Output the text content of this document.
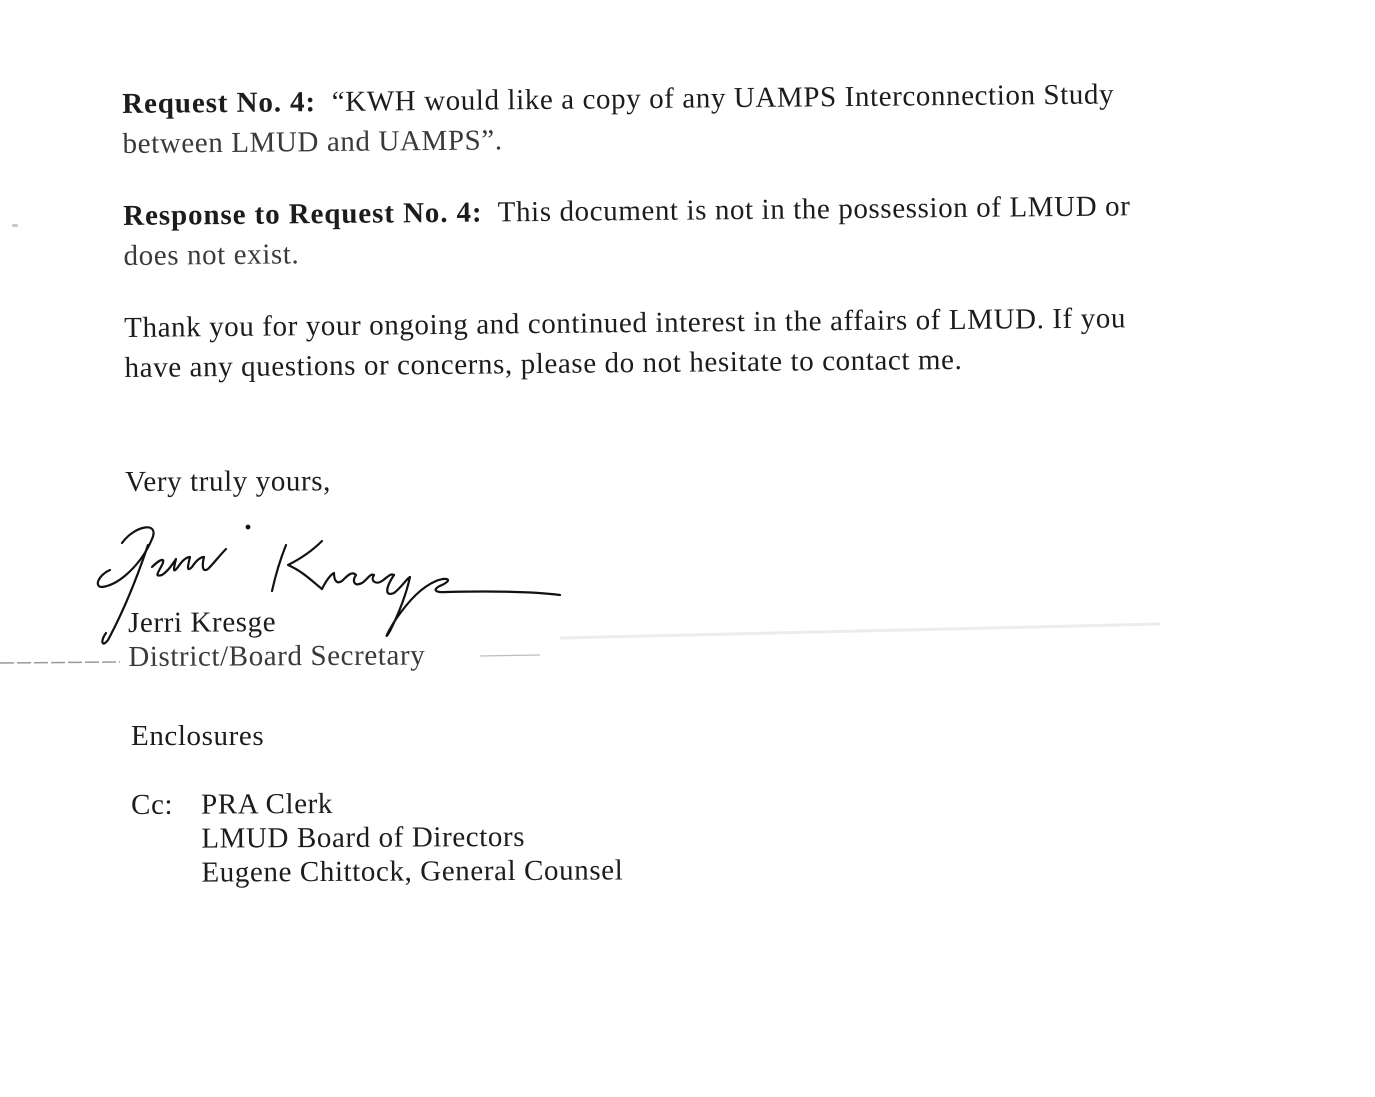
Request No. 4: “KWH would like a copy of any UAMPS Interconnection Study
between LMUD and UAMPS”.
Response to Request No. 4: This document is not in the possession of LMUD or
does not exist.
Thank you for your ongoing and continued interest in the affairs of LMUD. If you
have any questions or concerns, please do not hesitate to contact me.
Very truly yours,
Jerri Kresge
District/Board Secretary
Enclosures
Cc: PRA Clerk
LMUD Board of Directors
Eugene Chittock, General Counsel
